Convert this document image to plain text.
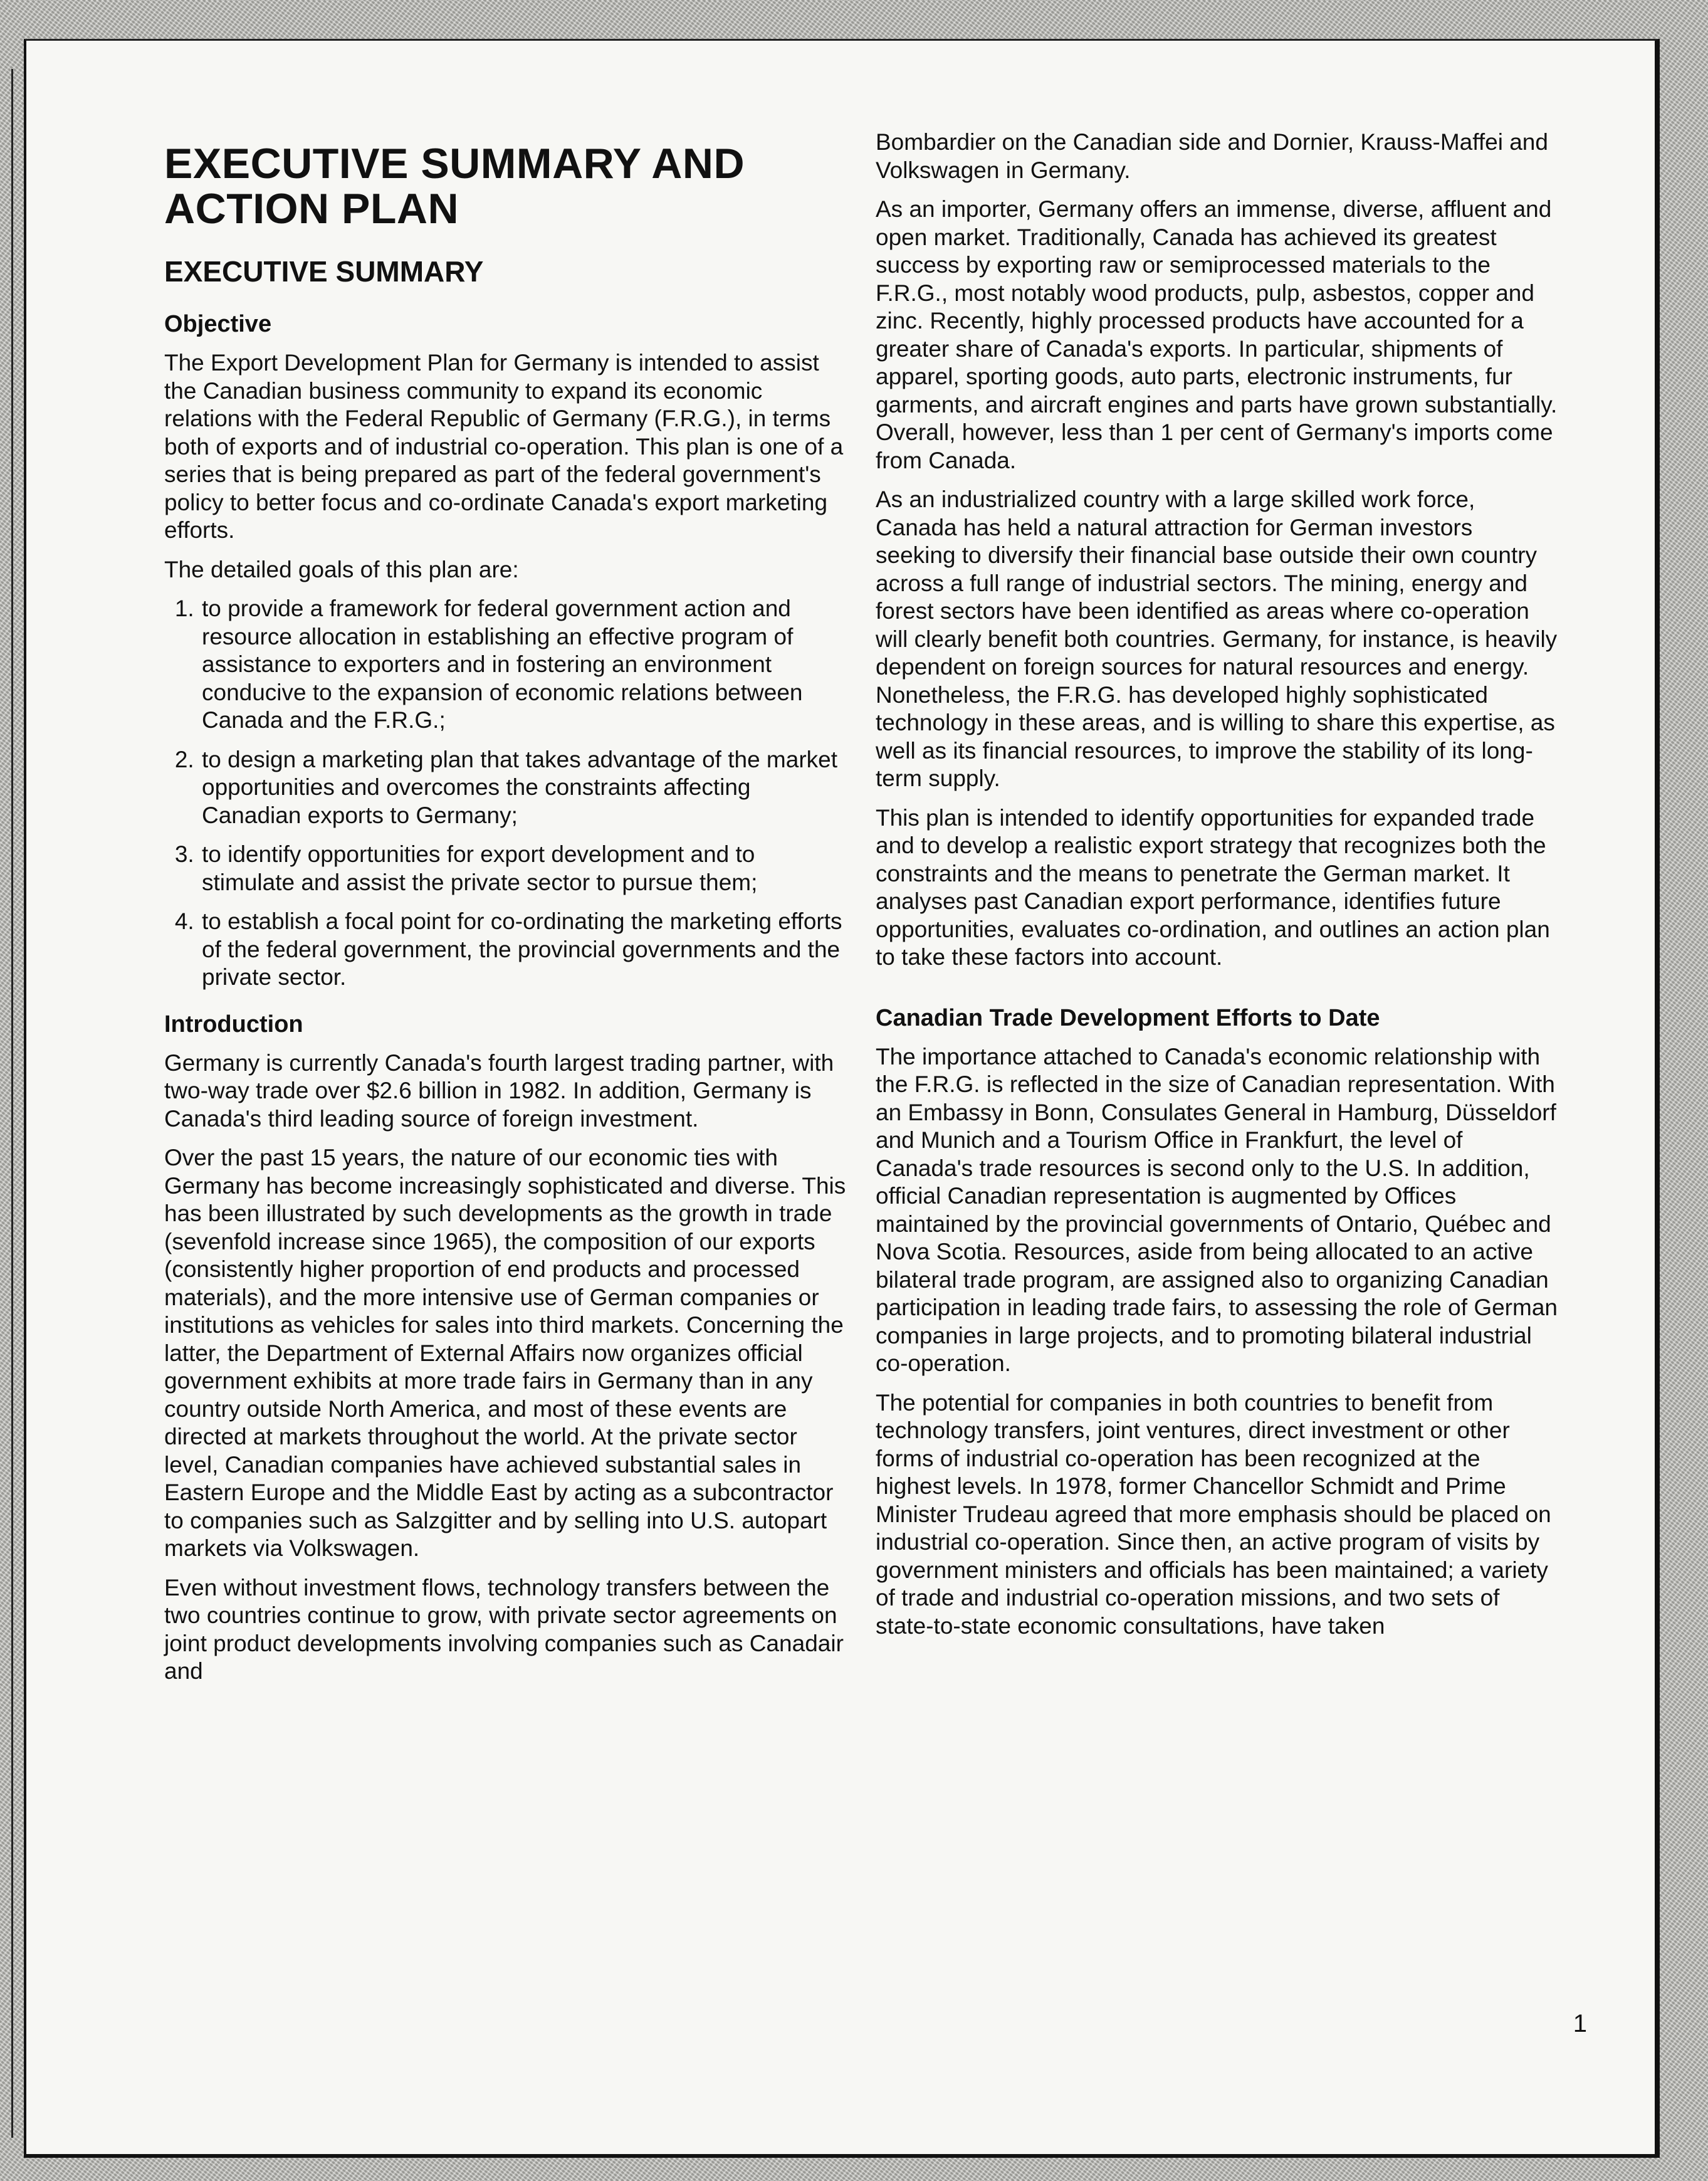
EXECUTIVE SUMMARY AND ACTION PLAN
EXECUTIVE SUMMARY
Objective

The Export Development Plan for Germany is intended to assist the Canadian business community to expand its economic relations with the Federal Republic of Germany (F.R.G.), in terms both of exports and of industrial co-operation. This plan is one of a series that is being prepared as part of the federal government's policy to better focus and co-ordinate Canada's export marketing efforts.

The detailed goals of this plan are:

1. to provide a framework for federal government action and resource allocation in establishing an effective program of assistance to exporters and in fostering an environment conducive to the expansion of economic relations between Canada and the F.R.G.;
2. to design a marketing plan that takes advantage of the market opportunities and overcomes the constraints affecting Canadian exports to Germany;
3. to identify opportunities for export development and to stimulate and assist the private sector to pursue them;
4. to establish a focal point for co-ordinating the marketing efforts of the federal government, the provincial governments and the private sector.
Introduction

Germany is currently Canada's fourth largest trading partner, with two-way trade over $2.6 billion in 1982. In addition, Germany is Canada's third leading source of foreign investment.

Over the past 15 years, the nature of our economic ties with Germany has become increasingly sophisticated and diverse. This has been illustrated by such developments as the growth in trade (sevenfold increase since 1965), the composition of our exports (consistently higher proportion of end products and processed materials), and the more intensive use of German companies or institutions as vehicles for sales into third markets. Concerning the latter, the Department of External Affairs now organizes official government exhibits at more trade fairs in Germany than in any country outside North America, and most of these events are directed at markets throughout the world. At the private sector level, Canadian companies have achieved substantial sales in Eastern Europe and the Middle East by acting as a subcontractor to companies such as Salzgitter and by selling into U.S. autopart markets via Volkswagen.

Even without investment flows, technology transfers between the two countries continue to grow, with private sector agreements on joint product developments involving companies such as Canadair and

Bombardier on the Canadian side and Dornier, Krauss-Maffei and Volkswagen in Germany.

As an importer, Germany offers an immense, diverse, affluent and open market. Traditionally, Canada has achieved its greatest success by exporting raw or semiprocessed materials to the F.R.G., most notably wood products, pulp, asbestos, copper and zinc. Recently, highly processed products have accounted for a greater share of Canada's exports. In particular, shipments of apparel, sporting goods, auto parts, electronic instruments, fur garments, and aircraft engines and parts have grown substantially. Overall, however, less than 1 per cent of Germany's imports come from Canada.

As an industrialized country with a large skilled work force, Canada has held a natural attraction for German investors seeking to diversify their financial base outside their own country across a full range of industrial sectors. The mining, energy and forest sectors have been identified as areas where co-operation will clearly benefit both countries. Germany, for instance, is heavily dependent on foreign sources for natural resources and energy. Nonetheless, the F.R.G. has developed highly sophisticated technology in these areas, and is willing to share this expertise, as well as its financial resources, to improve the stability of its long-term supply.

This plan is intended to identify opportunities for expanded trade and to develop a realistic export strategy that recognizes both the constraints and the means to penetrate the German market. It analyses past Canadian export performance, identifies future opportunities, evaluates co-ordination, and outlines an action plan to take these factors into account.

Canadian Trade Development Efforts to Date

The importance attached to Canada's economic relationship with the F.R.G. is reflected in the size of Canadian representation. With an Embassy in Bonn, Consulates General in Hamburg, Düsseldorf and Munich and a Tourism Office in Frankfurt, the level of Canada's trade resources is second only to the U.S. In addition, official Canadian representation is augmented by Offices maintained by the provincial governments of Ontario, Québec and Nova Scotia. Resources, aside from being allocated to an active bilateral trade program, are assigned also to organizing Canadian participation in leading trade fairs, to assessing the role of German companies in large projects, and to promoting bilateral industrial co-operation.

The potential for companies in both countries to benefit from technology transfers, joint ventures, direct investment or other forms of industrial co-operation has been recognized at the highest levels. In 1978, former Chancellor Schmidt and Prime Minister Trudeau agreed that more emphasis should be placed on industrial co-operation. Since then, an active program of visits by government ministers and officials has been maintained; a variety of trade and industrial co-operation missions, and two sets of state-to-state economic consultations, have taken

1
